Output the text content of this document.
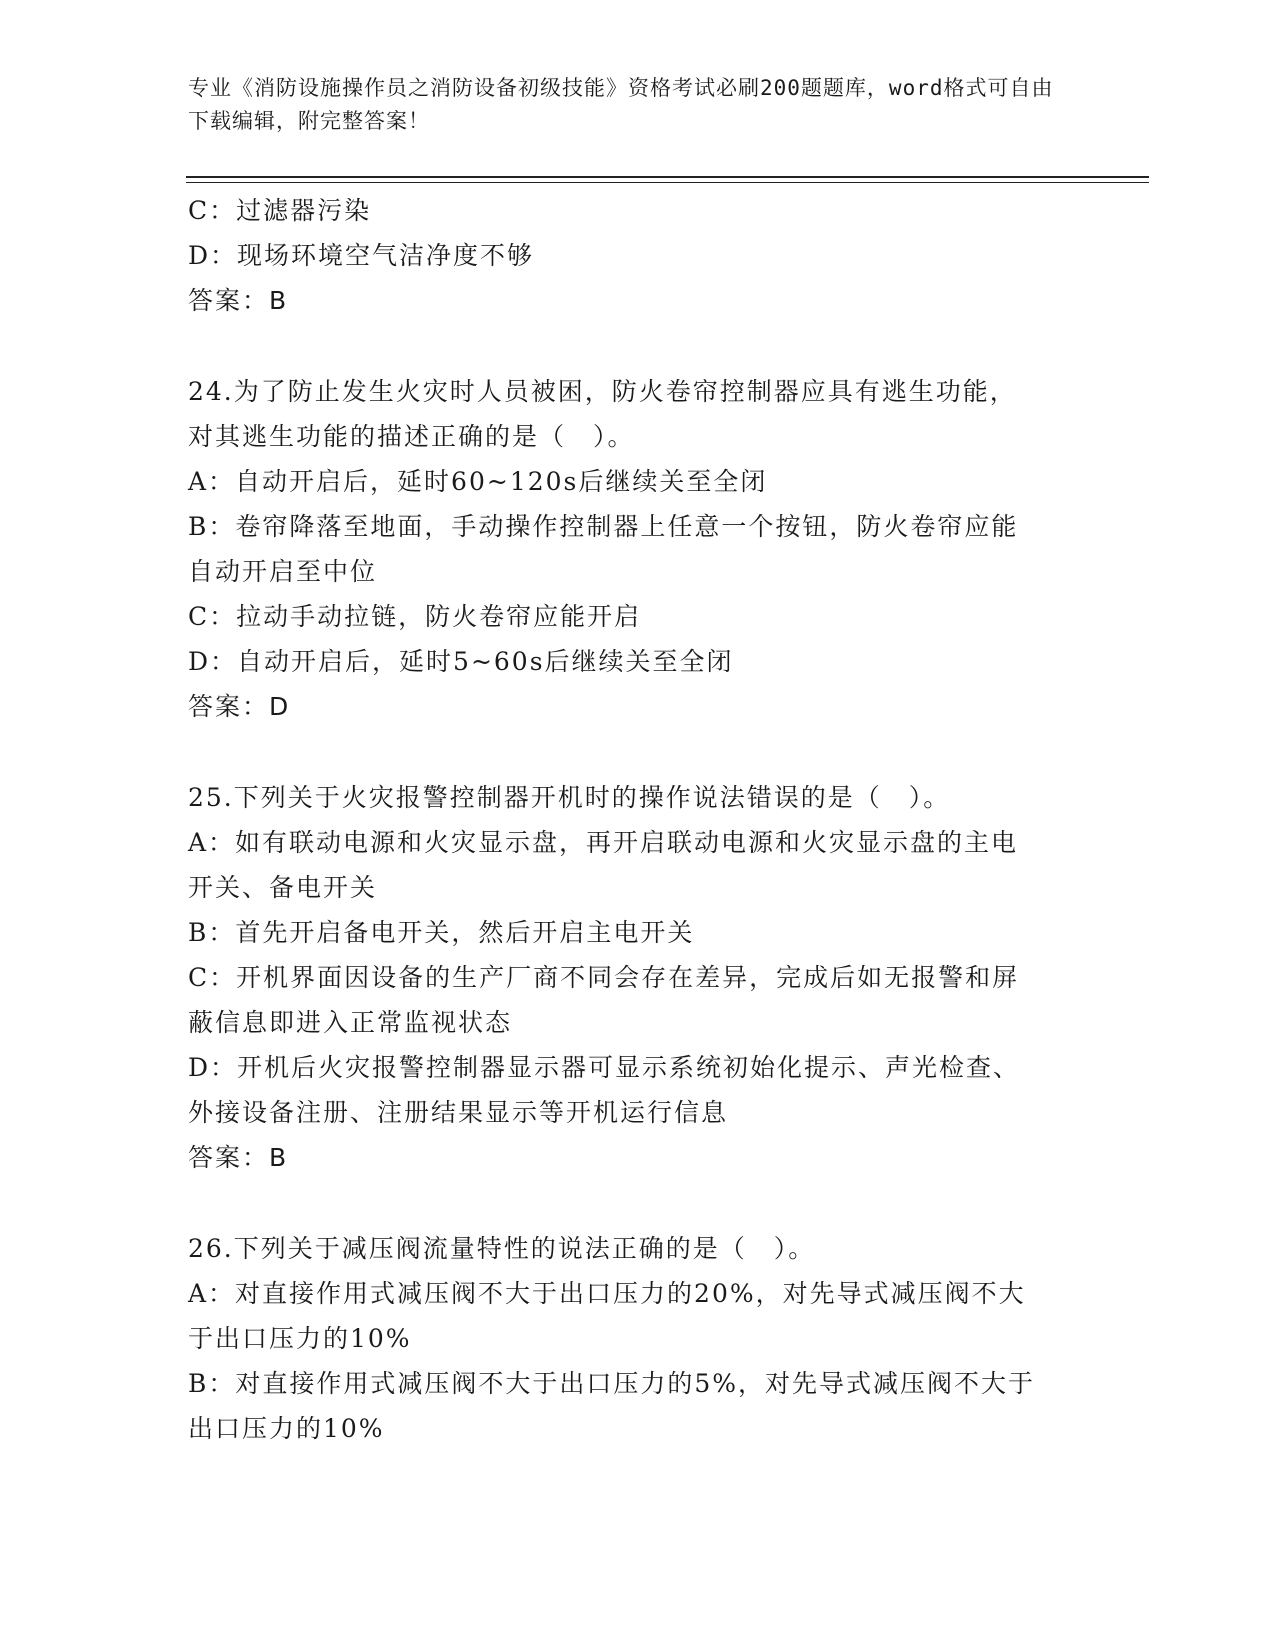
专业《消防设施操作员之消防设备初级技能》资格考试必刷200题题库，word格式可自由下载编辑，附完整答案！
C：过滤器污染
D：现场环境空气洁净度不够
答案：B
24.为了防止发生火灾时人员被困，防火卷帘控制器应具有逃生功能，
对其逃生功能的描述正确的是（　）。
A：自动开启后，延时60~120s后继续关至全闭
B：卷帘降落至地面，手动操作控制器上任意一个按钮，防火卷帘应能
自动开启至中位
C：拉动手动拉链，防火卷帘应能开启
D：自动开启后，延时5~60s后继续关至全闭
答案：D
25.下列关于火灾报警控制器开机时的操作说法错误的是（　）。
A：如有联动电源和火灾显示盘，再开启联动电源和火灾显示盘的主电
开关、备电开关
B：首先开启备电开关，然后开启主电开关
C：开机界面因设备的生产厂商不同会存在差异，完成后如无报警和屏
蔽信息即进入正常监视状态
D：开机后火灾报警控制器显示器可显示系统初始化提示、声光检查、
外接设备注册、注册结果显示等开机运行信息
答案：B
26.下列关于减压阀流量特性的说法正确的是（　）。
A：对直接作用式减压阀不大于出口压力的20%，对先导式减压阀不大
于出口压力的10%
B：对直接作用式减压阀不大于出口压力的5%，对先导式减压阀不大于
出口压力的10%
